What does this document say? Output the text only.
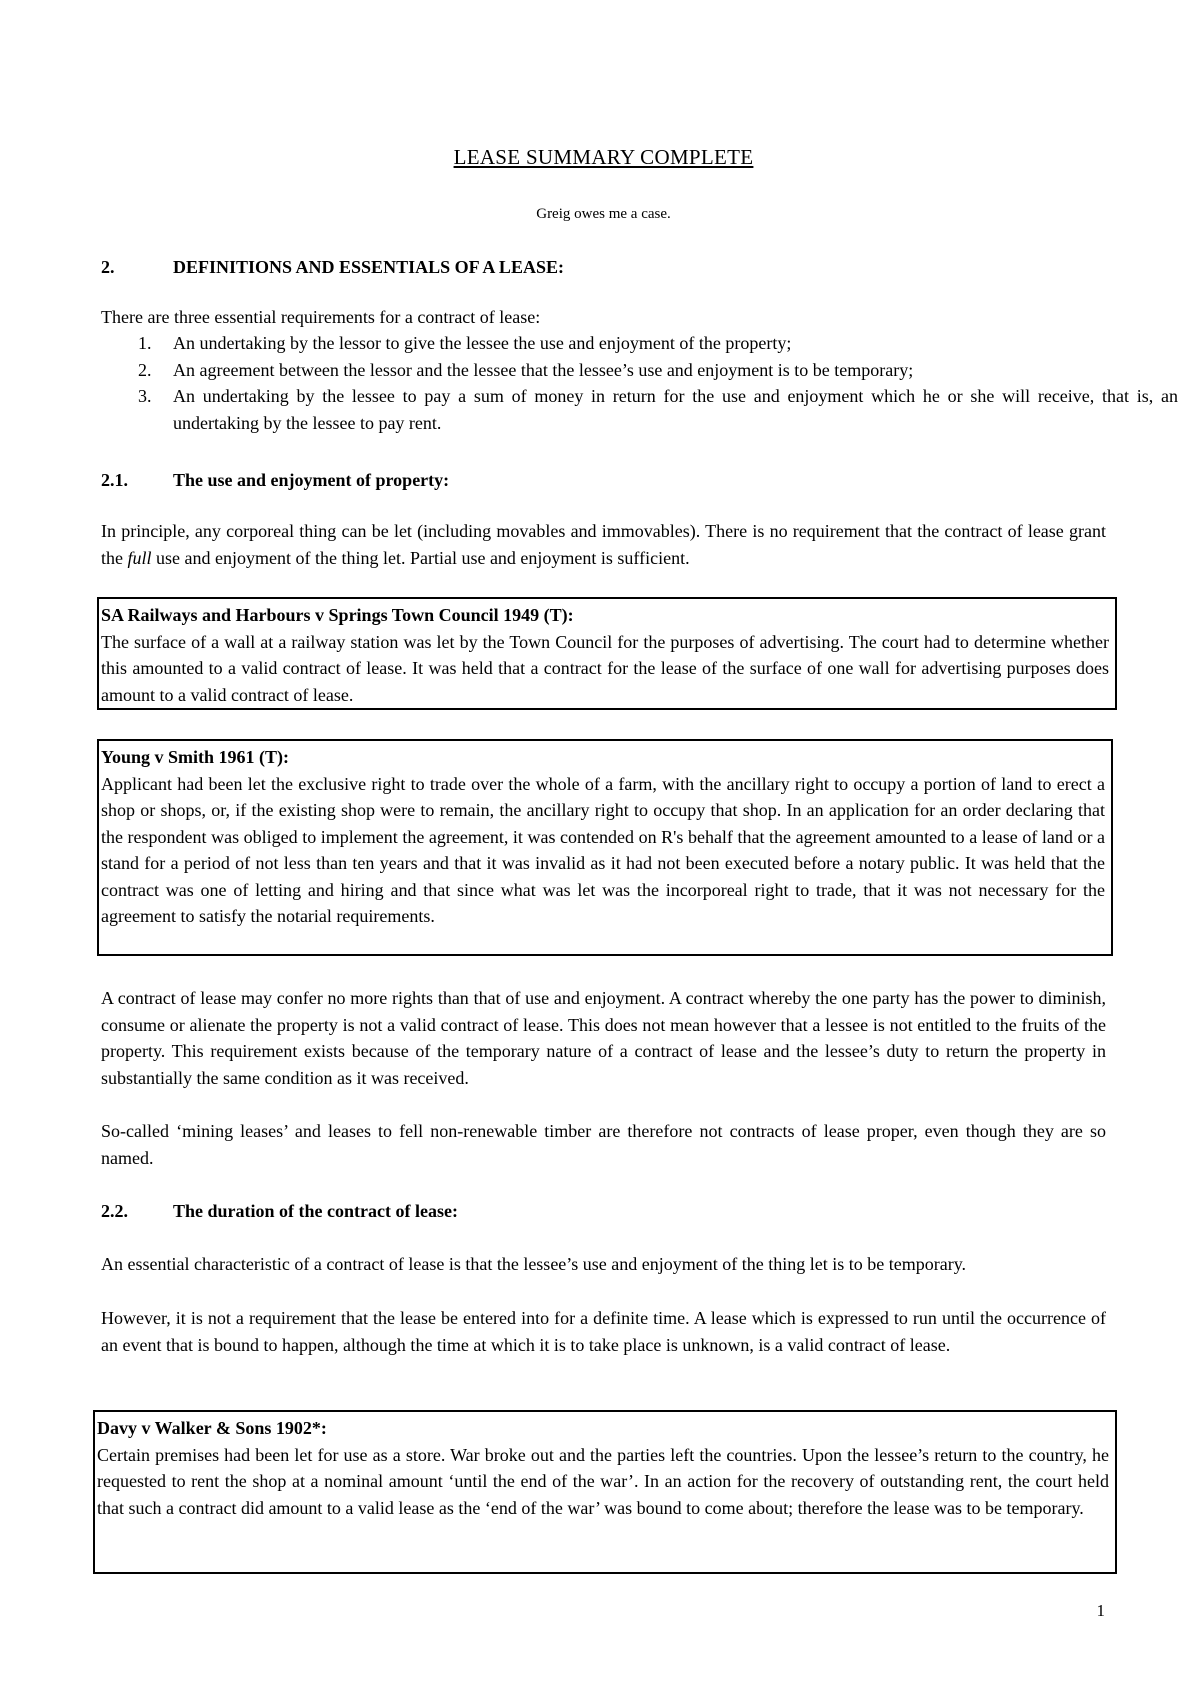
LEASE SUMMARY COMPLETE
Greig owes me a case.
2.	DEFINITIONS AND ESSENTIALS OF A LEASE:
There are three essential requirements for a contract of lease:
1. An undertaking by the lessor to give the lessee the use and enjoyment of the property;
2. An agreement between the lessor and the lessee that the lessee’s use and enjoyment is to be temporary;
3. An undertaking by the lessee to pay a sum of money in return for the use and enjoyment which he or she will receive, that is, an undertaking by the lessee to pay rent.
2.1.	The use and enjoyment of property:
In principle, any corporeal thing can be let (including movables and immovables). There is no requirement that the contract of lease grant the full use and enjoyment of the thing let. Partial use and enjoyment is sufficient.
SA Railways and Harbours v Springs Town Council 1949 (T):
The surface of a wall at a railway station was let by the Town Council for the purposes of advertising. The court had to determine whether this amounted to a valid contract of lease. It was held that a contract for the lease of the surface of one wall for advertising purposes does amount to a valid contract of lease.
Young v Smith 1961 (T):
Applicant had been let the exclusive right to trade over the whole of a farm, with the ancillary right to occupy a portion of land to erect a shop or shops, or, if the existing shop were to remain, the ancillary right to occupy that shop. In an application for an order declaring that the respondent was obliged to implement the agreement, it was contended on R's behalf that the agreement amounted to a lease of land or a stand for a period of not less than ten years and that it was invalid as it had not been executed before a notary public. It was held that the contract was one of letting and hiring and that since what was let was the incorporeal right to trade, that it was not necessary for the agreement to satisfy the notarial requirements.
A contract of lease may confer no more rights than that of use and enjoyment. A contract whereby the one party has the power to diminish, consume or alienate the property is not a valid contract of lease. This does not mean however that a lessee is not entitled to the fruits of the property. This requirement exists because of the temporary nature of a contract of lease and the lessee’s duty to return the property in substantially the same condition as it was received.
So-called ‘mining leases’ and leases to fell non-renewable timber are therefore not contracts of lease proper, even though they are so named.
2.2.	The duration of the contract of lease:
An essential characteristic of a contract of lease is that the lessee’s use and enjoyment of the thing let is to be temporary.
However, it is not a requirement that the lease be entered into for a definite time. A lease which is expressed to run until the occurrence of an event that is bound to happen, although the time at which it is to take place is unknown, is a valid contract of lease.
Davy v Walker & Sons 1902*:
Certain premises had been let for use as a store. War broke out and the parties left the countries. Upon the lessee’s return to the country, he requested to rent the shop at a nominal amount ‘until the end of the war’. In an action for the recovery of outstanding rent, the court held that such a contract did amount to a valid lease as the ‘end of the war’ was bound to come about; therefore the lease was to be temporary.
1
